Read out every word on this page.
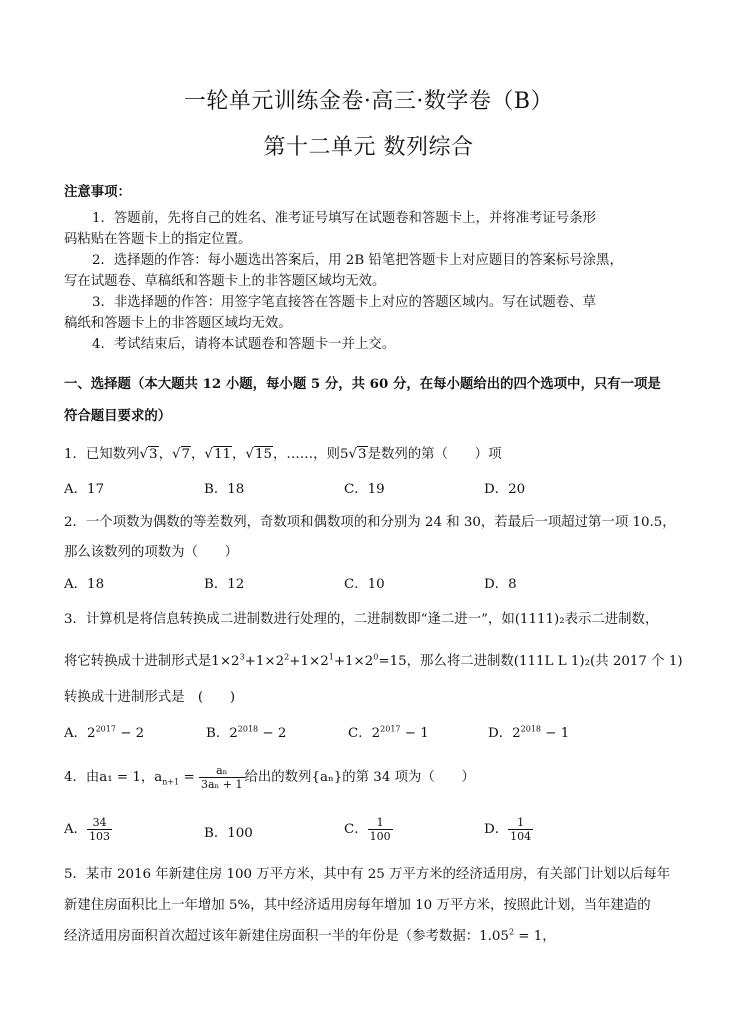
一轮单元训练金卷·高三·数学卷（B）
第十二单元 数列综合
注意事项：
1．答题前，先将自己的姓名、准考证号填写在试题卷和答题卡上，并将准考证号条形
码粘贴在答题卡上的指定位置。
2．选择题的作答：每小题选出答案后，用 2B 铅笔把答题卡上对应题目的答案标号涂黑，
写在试题卷、草稿纸和答题卡上的非答题区域均无效。
3．非选择题的作答：用签字笔直接答在答题卡上对应的答题区域内。写在试题卷、草
稿纸和答题卡上的非答题区域均无效。
4．考试结束后，请将本试题卷和答题卡一并上交。
一、选择题（本大题共 12 小题，每小题 5 分，共 60 分，在每小题给出的四个选项中，只有一项是
符合题目要求的）
1．已知数列√3，√7，√11，√15，……，则5√3是数列的第（　　）项
A．17	B．18	C．19	D．20
2．一个项数为偶数的等差数列，奇数项和偶数项的和分别为 24 和 30，若最后一项超过第一项 10.5，
那么该数列的项数为（　　）
A．18	B．12	C．10	D．8
3．计算机是将信息转换成二进制数进行处理的，二进制数即“逢二进一”，如(1111)₂表示二进制数，
将它转换成十进制形式是$1\times 2^3+1\times 2^2+1\times 2^1+1\times 2^0=15$，那么将二进制数(111L L 1)₂(共 2017 个 1)
转换成十进制形式是　(　　)
A．$2^{2017} - 2$	B．$2^{2018} - 2$	C．$2^{2017} - 1$	D．$2^{2018} - 1$
4．由a₁ = 1，$a_{n+1} = \frac{\text{aₙ}}{\text{3aₙ + 1}}$ 给出的数列{aₙ}的第 34 项为（　　）
A． $\frac{34}{103}$	B．100	C． $\frac{1}{100}$	D． $\frac{1}{104}$
5．某市 2016 年新建住房 100 万平方米，其中有 25 万平方米的经济适用房，有关部门计划以后每年
新建住房面积比上一年增加 5%，其中经济适用房每年增加 10 万平方米，按照此计划，当年建造的
经济适用房面积首次超过该年新建住房面积一半的年份是（参考数据：$1.05^2 = 1$，
